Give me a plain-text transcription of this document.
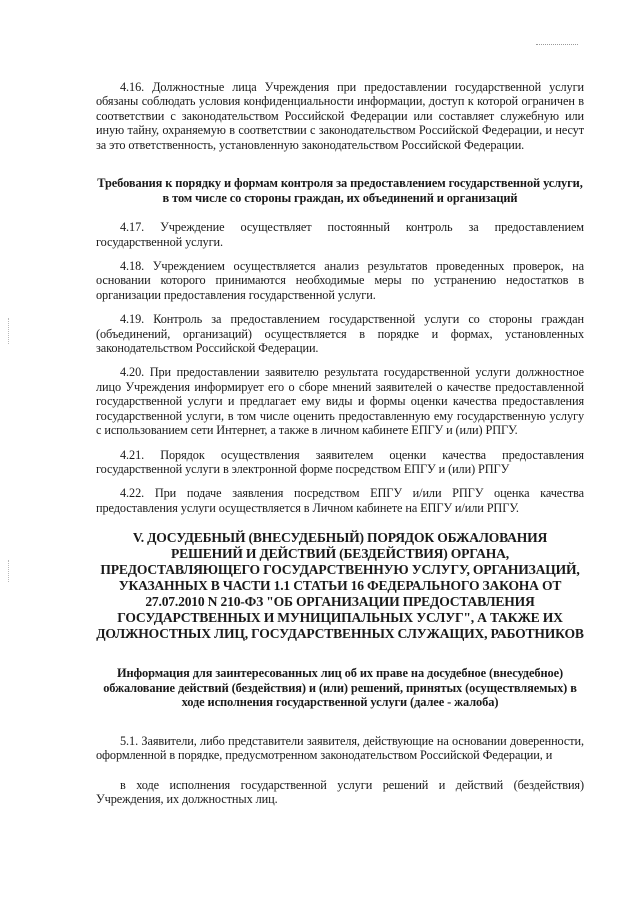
4.16. Должностные лица Учреждения при предоставлении государственной услуги обязаны соблюдать условия конфиденциальности информации, доступ к которой ограничен в соответствии с законодательством Российской Федерации или составляет служебную или иную тайну, охраняемую в соответствии с законодательством Российской Федерации, и несут за это ответственность, установленную законодательством Российской Федерации.

Требования к порядку и формам контроля за предоставлением государственной услуги, в том числе со стороны граждан, их объединений и организаций

4.17. Учреждение осуществляет постоянный контроль за предоставлением государственной услуги.

4.18. Учреждением осуществляется анализ результатов проведенных проверок, на основании которого принимаются необходимые меры по устранению недостатков в организации предоставления государственной услуги.

4.19. Контроль за предоставлением государственной услуги со стороны граждан (объединений, организаций) осуществляется в порядке и формах, установленных законодательством Российской Федерации.

4.20. При предоставлении заявителю результата государственной услуги должностное лицо Учреждения информирует его о сборе мнений заявителей о качестве предоставленной государственной услуги и предлагает ему виды и формы оценки качества предоставления государственной услуги, в том числе оценить предоставленную ему государственную услугу с использованием сети Интернет, а также в личном кабинете ЕПГУ и (или) РПГУ.

4.21. Порядок осуществления заявителем оценки качества предоставления государственной услуги в электронной форме посредством ЕПГУ и (или) РПГУ

4.22. При подаче заявления посредством ЕПГУ и/или РПГУ оценка качества предоставления услуги осуществляется в Личном кабинете на ЕПГУ и/или РПГУ.

V. ДОСУДЕБНЫЙ (ВНЕСУДЕБНЫЙ) ПОРЯДОК ОБЖАЛОВАНИЯ РЕШЕНИЙ И ДЕЙСТВИЙ (БЕЗДЕЙСТВИЯ) ОРГАНА, ПРЕДОСТАВЛЯЮЩЕГО ГОСУДАРСТВЕННУЮ УСЛУГУ, ОРГАНИЗАЦИЙ, УКАЗАННЫХ В ЧАСТИ 1.1 СТАТЬИ 16 ФЕДЕРАЛЬНОГО ЗАКОНА ОТ 27.07.2010 N 210-ФЗ "ОБ ОРГАНИЗАЦИИ ПРЕДОСТАВЛЕНИЯ ГОСУДАРСТВЕННЫХ И МУНИЦИПАЛЬНЫХ УСЛУГ", А ТАКЖЕ ИХ ДОЛЖНОСТНЫХ ЛИЦ, ГОСУДАРСТВЕННЫХ СЛУЖАЩИХ, РАБОТНИКОВ
Информация для заинтересованных лиц об их праве на досудебное (внесудебное) обжалование действий (бездействия) и (или) решений, принятых (осуществляемых) в ходе исполнения государственной услуги (далее - жалоба)

5.1. Заявители, либо представители заявителя, действующие на основании доверенности, оформленной в порядке, предусмотренном законодательством Российской Федерации, и

в ходе исполнения государственной услуги решений и действий (бездействия) Учреждения, их должностных лиц.
